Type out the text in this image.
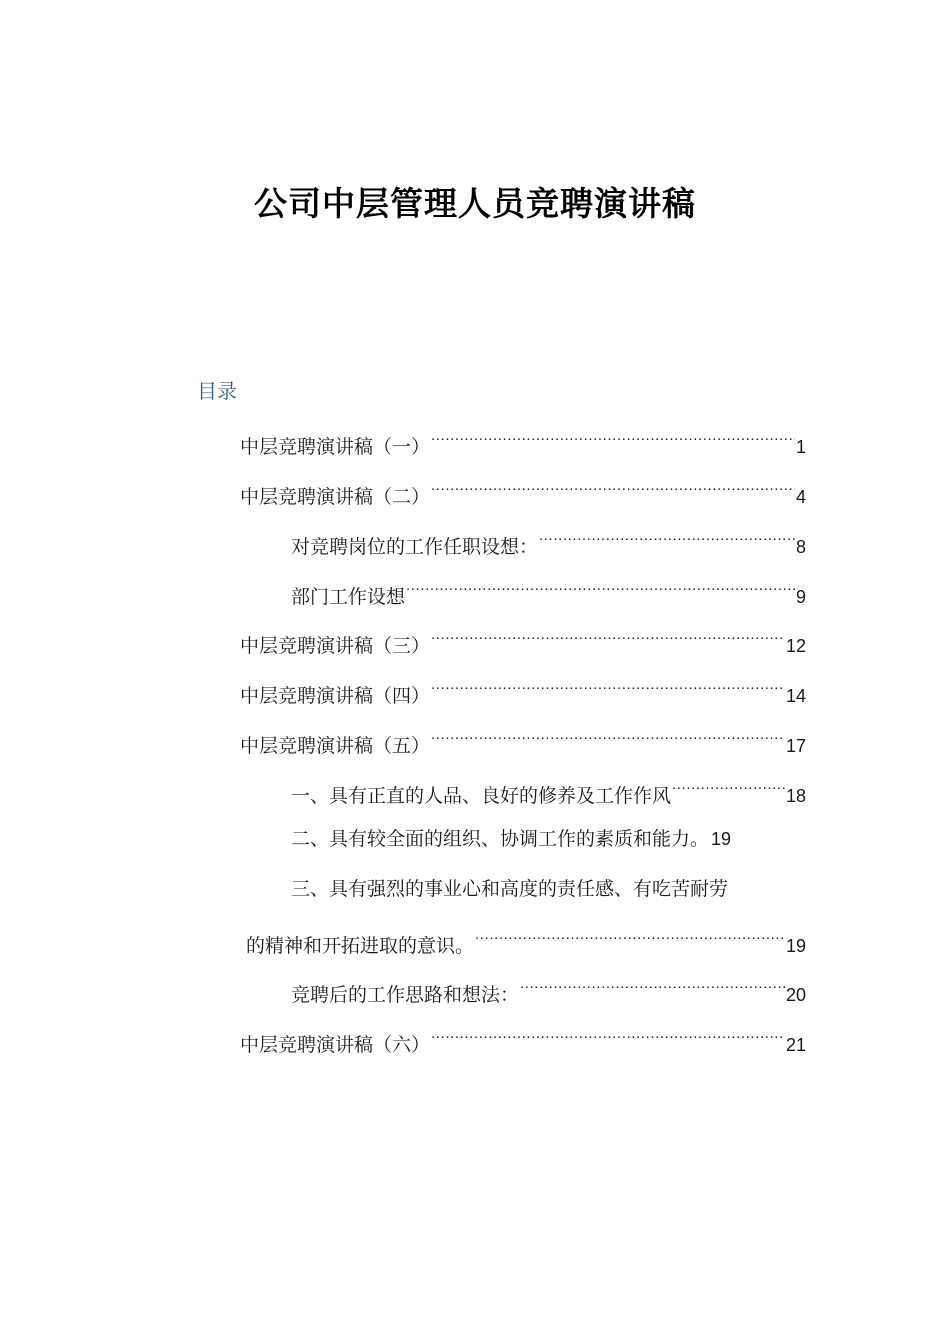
公司中层管理人员竞聘演讲稿
目录
中层竞聘演讲稿（一） .....	1
中层竞聘演讲稿（二） .....	4
对竞聘岗位的工作任职设想： .....	8
部门工作设想 .....	9
中层竞聘演讲稿（三） .....	12
中层竞聘演讲稿（四） .....	14
中层竞聘演讲稿（五） .....	17
一、具有正直的人品、良好的修养及工作作风 .....	18
二、具有较全面的组织、协调工作的素质和能力。 19
三、具有强烈的事业心和高度的责任感、有吃苦耐劳
的精神和开拓进取的意识。 .....	19
竞聘后的工作思路和想法： .....	20
中层竞聘演讲稿（六） .....	21
